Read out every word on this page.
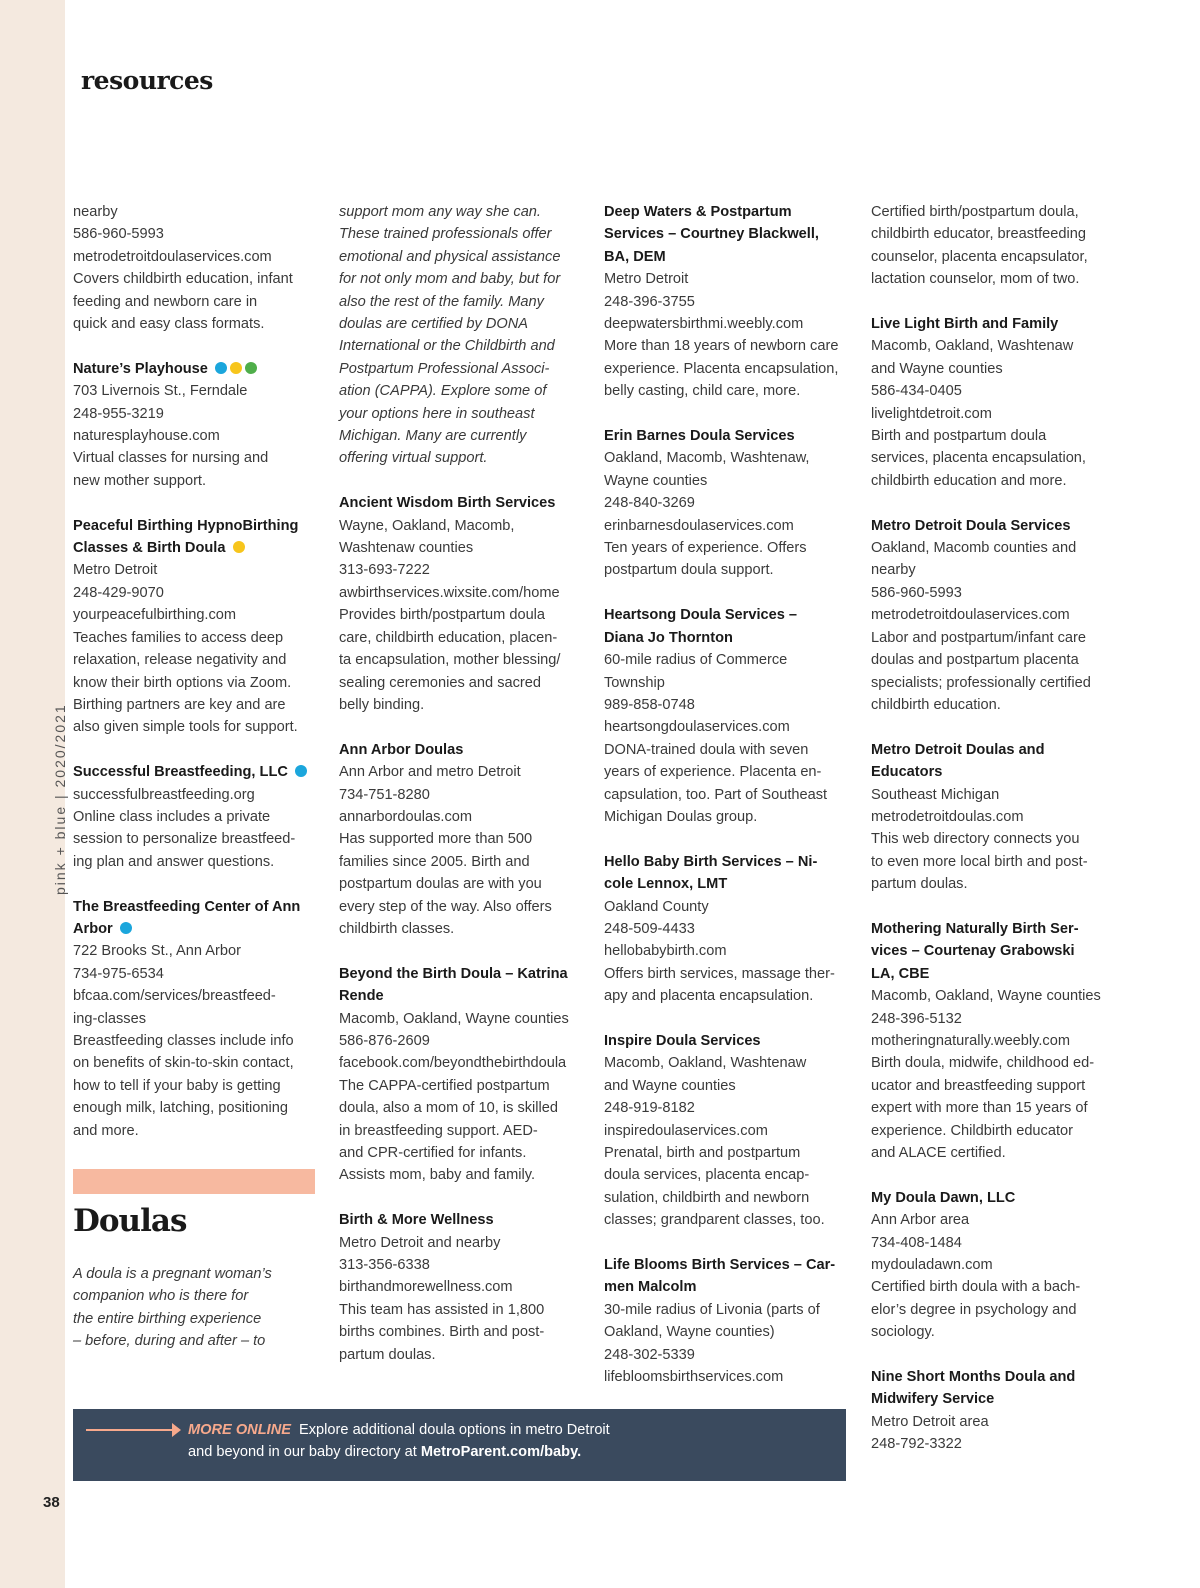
pink + blue | 2020/2021
38
resources
nearby
586-960-5993
metrodetroitdoulaservices.com
Covers childbirth education, infant
feeding and newborn care in
quick and easy class formats.
Nature’s Playhouse
703 Livernois St., Ferndale
248-955-3219
naturesplayhouse.com
Virtual classes for nursing and
new mother support.
Peaceful Birthing HypnoBirthing
Classes & Birth Doula
Metro Detroit
248-429-9070
yourpeacefulbirthing.com
Teaches families to access deep
relaxation, release negativity and
know their birth options via Zoom.
Birthing partners are key and are
also given simple tools for support.
Successful Breastfeeding, LLC
successfulbreastfeeding.org
Online class includes a private
session to personalize breastfeed-
ing plan and answer questions.
The Breastfeeding Center of Ann
Arbor
722 Brooks St., Ann Arbor
734-975-6534
bfcaa.com/services/breastfeed-
ing-classes
Breastfeeding classes include info
on benefits of skin-to-skin contact,
how to tell if your baby is getting
enough milk, latching, positioning
and more.
Doulas
A doula is a pregnant woman’s
companion who is there for
the entire birthing experience
– before, during and after – to
support mom any way she can.
These trained professionals offer
emotional and physical assistance
for not only mom and baby, but for
also the rest of the family. Many
doulas are certified by DONA
International or the Childbirth and
Postpartum Professional Associ-
ation (CAPPA). Explore some of
your options here in southeast
Michigan. Many are currently
offering virtual support.
Ancient Wisdom Birth Services
Wayne, Oakland, Macomb,
Washtenaw counties
313-693-7222
awbirthservices.wixsite.com/home
Provides birth/postpartum doula
care, childbirth education, placen-
ta encapsulation, mother blessing/
sealing ceremonies and sacred
belly binding.
Ann Arbor Doulas
Ann Arbor and metro Detroit
734-751-8280
annarbordoulas.com
Has supported more than 500
families since 2005. Birth and
postpartum doulas are with you
every step of the way. Also offers
childbirth classes.
Beyond the Birth Doula – Katrina
Rende
Macomb, Oakland, Wayne counties
586-876-2609
facebook.com/beyondthebirthdoula
The CAPPA-certified postpartum
doula, also a mom of 10, is skilled
in breastfeeding support. AED-
and CPR-certified for infants.
Assists mom, baby and family.
Birth & More Wellness
Metro Detroit and nearby
313-356-6338
birthandmorewellness.com
This team has assisted in 1,800
births combines. Birth and post-
partum doulas.
Deep Waters & Postpartum
Services – Courtney Blackwell,
BA, DEM
Metro Detroit
248-396-3755
deepwatersbirthmi.weebly.com
More than 18 years of newborn care
experience. Placenta encapsulation,
belly casting, child care, more.
Erin Barnes Doula Services
Oakland, Macomb, Washtenaw,
Wayne counties
248-840-3269
erinbarnesdoulaservices.com
Ten years of experience. Offers
postpartum doula support.
Heartsong Doula Services –
Diana Jo Thornton
60-mile radius of Commerce
Township
989-858-0748
heartsongdoulaservices.com
DONA-trained doula with seven
years of experience. Placenta en-
capsulation, too. Part of Southeast
Michigan Doulas group.
Hello Baby Birth Services – Ni-
cole Lennox, LMT
Oakland County
248-509-4433
hellobabybirth.com
Offers birth services, massage ther-
apy and placenta encapsulation.
Inspire Doula Services
Macomb, Oakland, Washtenaw
and Wayne counties
248-919-8182
inspiredoulaservices.com
Prenatal, birth and postpartum
doula services, placenta encap-
sulation, childbirth and newborn
classes; grandparent classes, too.
Life Blooms Birth Services – Car-
men Malcolm
30-mile radius of Livonia (parts of
Oakland, Wayne counties)
248-302-5339
lifebloomsbirthservices.com
Certified birth/postpartum doula,
childbirth educator, breastfeeding
counselor, placenta encapsulator,
lactation counselor, mom of two.
Live Light Birth and Family
Macomb, Oakland, Washtenaw
and Wayne counties
586-434-0405
livelightdetroit.com
Birth and postpartum doula
services, placenta encapsulation,
childbirth education and more.
Metro Detroit Doula Services
Oakland, Macomb counties and
nearby
586-960-5993
metrodetroitdoulaservices.com
Labor and postpartum/infant care
doulas and postpartum placenta
specialists; professionally certified
childbirth education.
Metro Detroit Doulas and
Educators
Southeast Michigan
metrodetroitdoulas.com
This web directory connects you
to even more local birth and post-
partum doulas.
Mothering Naturally Birth Ser-
vices – Courtenay Grabowski
LA, CBE
Macomb, Oakland, Wayne counties
248-396-5132
motheringnaturally.weebly.com
Birth doula, midwife, childhood ed-
ucator and breastfeeding support
expert with more than 15 years of
experience. Childbirth educator
and ALACE certified.
My Doula Dawn, LLC
Ann Arbor area
734-408-1484
mydouladawn.com
Certified birth doula with a bach-
elor’s degree in psychology and
sociology.
Nine Short Months Doula and
Midwifery Service
Metro Detroit area
248-792-3322
MORE ONLINE Explore additional doula options in metro Detroit
and beyond in our baby directory at MetroParent.com/baby.
